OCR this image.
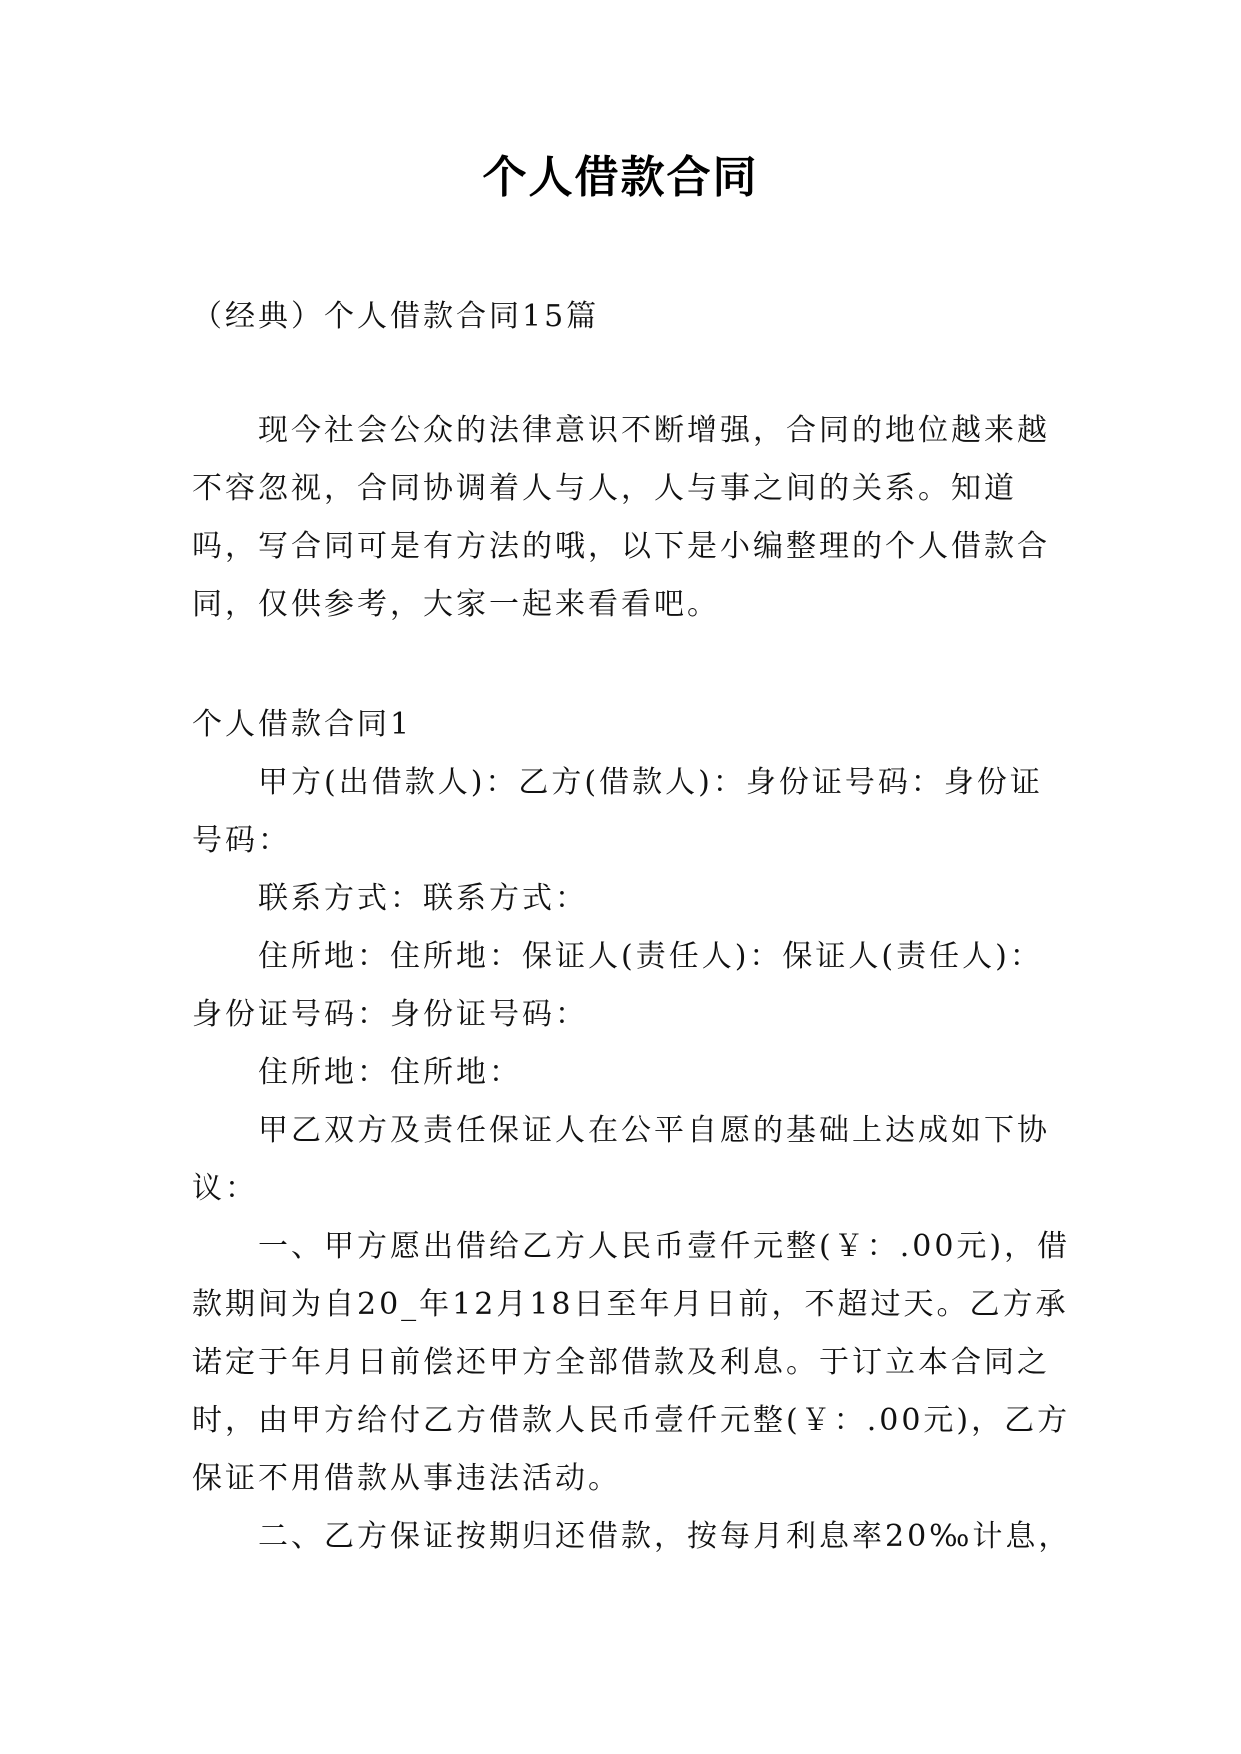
个人借款合同

（经典）个人借款合同15篇

现今社会公众的法律意识不断增强，合同的地位越来越不容忽视，合同协调着人与人，人与事之间的关系。知道吗，写合同可是有方法的哦，以下是小编整理的个人借款合同，仅供参考，大家一起来看看吧。

个人借款合同1

甲方(出借款人)：乙方(借款人)：身份证号码：身份证号码：

联系方式：联系方式：

住所地：住所地：保证人(责任人)：保证人(责任人)：身份证号码：身份证号码：

住所地：住所地：

甲乙双方及责任保证人在公平自愿的基础上达成如下协议：

一、甲方愿出借给乙方人民币壹仟元整(￥：.00元)，借款期间为自20_年12月18日至年月日前，不超过天。乙方承诺定于年月日前偿还甲方全部借款及利息。于订立本合同之时，由甲方给付乙方借款人民币壹仟元整(￥：.00元)，乙方保证不用借款从事违法活动。

二、乙方保证按期归还借款，按每月利息率20‰计息，
